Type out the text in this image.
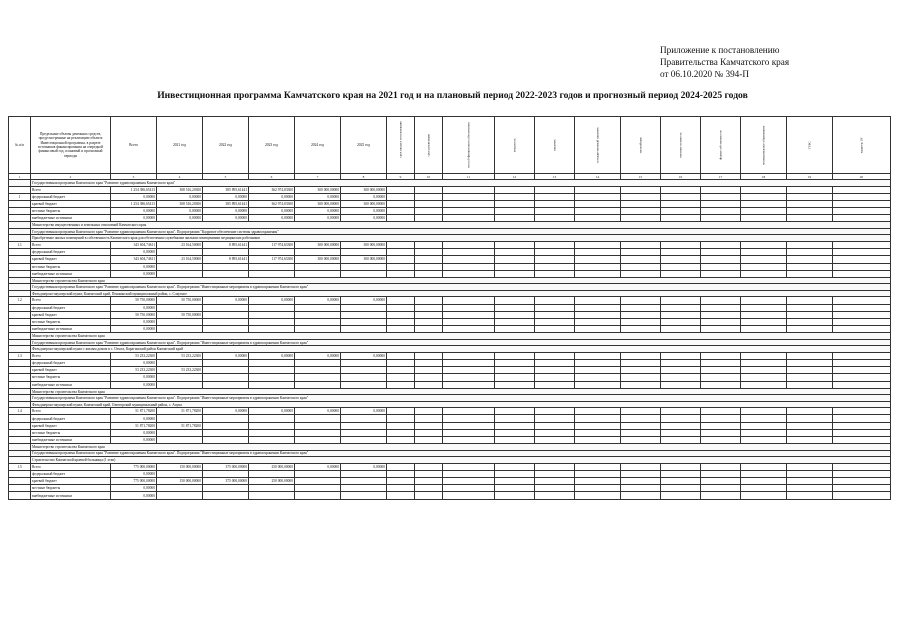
Приложение к постановлению
Правительства Камчатского края
от 06.10.2020 № 394-П
Инвестиционная программа Камчатского края на 2021 год и на плановый период 2022-2023 годов и прогнозный период 2024-2025 годов
№ п/п	Предельные объемы денежных средств, предусмотренные на реализацию объекта Инвестиционной программы, в разрезе источников финансирования на очередной финансовый год, плановый и прогнозный периоды	Всего	2021 год	2022 год	2023 год	2024 год	2025 год	срок ввода в эксплуатацию	срок реализации	способ финансового обеспечения	мощность	заказчик	государственный заказчик	застройщик	сметная стоимость	форма собственности	муниципальное образование	ГРБС	кадастр. ЗУ

1	2	3	4	5	6	7	8	9	10	11	12	13	14	15	16	17	18	19	20
	Государственная программа Камчатского края "Развитие здравоохранения Камчатского края"																		
	Всего	1 254 386,65413	308 516,20300	385 895,61441	362 974,83300	300 000,00000	300 000,00000												
1	федеральный бюджет	0,00000	0,00000	0,00000	0,00000	0,00000	0,00000												
	краевой бюджет	1 254 386,65413	308 516,20300	385 895,61441	362 974,83300	300 000,00000	300 000,00000												
	местные бюджеты	0,00000	0,00000	0,00000	0,00000	0,00000	0,00000												
	внебюджетные источники	0,00000	0,00000	0,00000	0,00000	0,00000	0,00000												
	Министерство имущественных и земельных отношений Камчатского края																		
	Государственная программа Камчатского края "Развитие здравоохранения Камчатского края". Подпрограмма "Кадровое обеспечение системы здравоохранения"																		
	Приобретение жилых помещений в собственность Камчатского края для обеспечения служебными жилыми помещениями медицинских работников																		
1.1	Всего	343 604,74611	23 164,50000	8 895,61441	117 974,63300	300 000,00000	300 000,00000												
	федеральный бюджет	0,00000																	
	краевой бюджет	343 604,74611	23 164,50000	8 895,61441	117 974,63300	300 000,00000	300 000,00000												
	местные бюджеты	0,00000																	
	внебюджетные источники	0,00000																	
	Министерство строительства Камчатского края																		
	Государственная программа Камчатского края "Развитие здравоохранения Камчатского края". Подпрограмма "Инвестиционные мероприятия в здравоохранении Камчатского края"																		
	Фельдшерско-акушерский пункт, Камчатский край, Пенжинский муниципальный район, с. Слаутное																		
1.2	Всего	50 750,00000	50 750,00000	0,00000	0,00000	0,00000	0,00000												
	федеральный бюджет	0,00000																	
	краевой бюджет	50 750,00000	50 750,00000																
	местные бюджеты	0,00000																	
	внебюджетные источники	0,00000																	
	Министерство строительства Камчатского края																		
	Государственная программа Камчатского края "Развитие здравоохранения Камчатского края". Подпрограмма "Инвестиционные мероприятия в здравоохранении Камчатского края"																		
	Фельдшерско-акушерский пункт с жилым домом в с. Ossora, Карагинский район Камчатский край																		
1.3	Всего	53 233,22300	53 233,22300	0,00000	0,00000	0,00000	0,00000												
	федеральный бюджет	0,00000																	
	краевой бюджет	53 233,22300	53 233,22300																
	местные бюджеты	0,00000																	
	внебюджетные источники	0,00000																	
	Министерство строительства Камчатского края																		
	Государственная программа Камчатского края "Развитие здравоохранения Камчатского края". Подпрограмма "Инвестиционные мероприятия в здравоохранении Камчатского края"																		
	Фельдшерско-акушерский пункт, Камчатский край, Олюторский муниципальный район, с. Апука																		
1.4	Всего	51 871,78200	51 871,78200	0,00000	0,00000	0,00000	0,00000												
	федеральный бюджет	0,00000																	
	краевой бюджет	51 871,78200	51 871,78200																
	местные бюджеты	0,00000																	
	внебюджетные источники	0,00000																	
	Министерство строительства Камчатского края																		
	Государственная программа Камчатского края "Развитие здравоохранения Камчатского края". Подпрограмма "Инвестиционные мероприятия в здравоохранении Камчатского края"																		
	Строительство Камчатской краевой больницы (1 этап)																		
1.5	Всего	775 000,00000	150 000,00000	375 000,00000	250 000,00000	0,00000	0,00000												
	федеральный бюджет	0,00000																	
	краевой бюджет	775 000,00000	150 000,00000	375 000,00000	250 000,00000														
	местные бюджеты	0,00000																	
	внебюджетные источники	0,00000																	
